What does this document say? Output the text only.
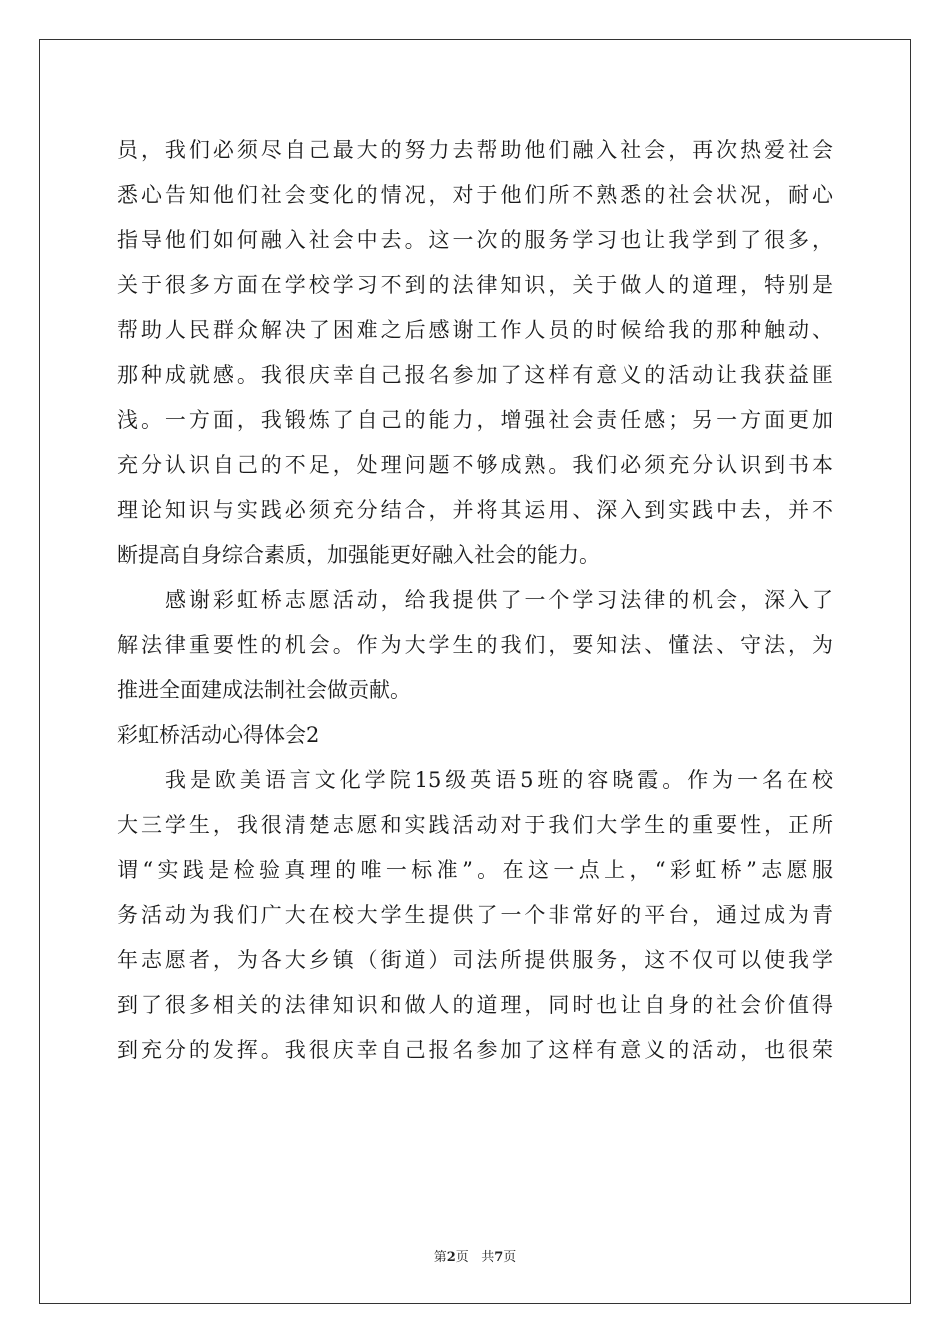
员，我们必须尽自己最大的努力去帮助他们融入社会，再次热爱社会
悉心告知他们社会变化的情况，对于他们所不熟悉的社会状况，耐心
指导他们如何融入社会中去。这一次的服务学习也让我学到了很多，
关于很多方面在学校学习不到的法律知识，关于做人的道理，特别是
帮助人民群众解决了困难之后感谢工作人员的时候给我的那种触动、
那种成就感。我很庆幸自己报名参加了这样有意义的活动让我获益匪
浅。一方面，我锻炼了自己的能力，增强社会责任感；另一方面更加
充分认识自己的不足，处理问题不够成熟。我们必须充分认识到书本
理论知识与实践必须充分结合，并将其运用、深入到实践中去，并不
断提高自身综合素质，加强能更好融入社会的能力。
感谢彩虹桥志愿活动，给我提供了一个学习法律的机会，深入了
解法律重要性的机会。作为大学生的我们，要知法、懂法、守法，为
推进全面建成法制社会做贡献。
彩虹桥活动心得体会2
我是欧美语言文化学院15级英语5班的容晓霞。作为一名在校
大三学生，我很清楚志愿和实践活动对于我们大学生的重要性，正所
谓“实践是检验真理的唯一标准”。在这一点上，“彩虹桥”志愿服
务活动为我们广大在校大学生提供了一个非常好的平台，通过成为青
年志愿者，为各大乡镇（街道）司法所提供服务，这不仅可以使我学
到了很多相关的法律知识和做人的道理，同时也让自身的社会价值得
到充分的发挥。我很庆幸自己报名参加了这样有意义的活动，也很荣
第2页   共7页
